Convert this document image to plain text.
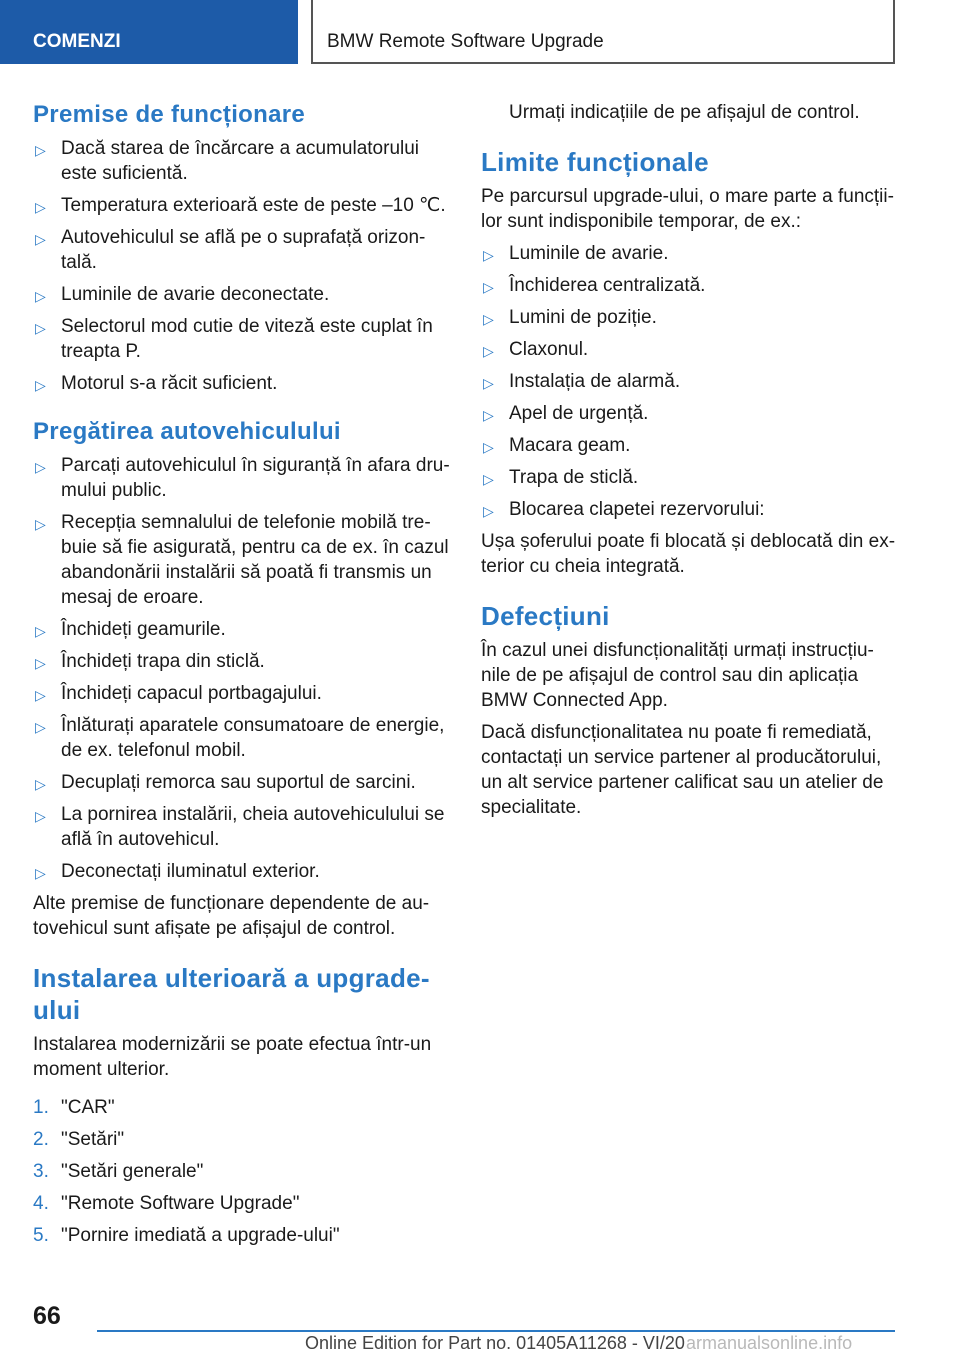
COMENZI	BMW Remote Software Upgrade
Premise de funcționare
▷ Dacă starea de încărcare a acumulatorului este suficientă.
▷ Temperatura exterioară este de peste –10 ℃.
▷ Autovehiculul se află pe o suprafață orizon- tală.
▷ Luminile de avarie deconectate.
▷ Selectorul mod cutie de viteză este cuplat în treapta P.
▷ Motorul s-a răcit suficient.
Pregătirea autovehiculului
▷ Parcați autovehiculul în siguranță în afara dru- mului public.
▷ Recepția semnalului de telefonie mobilă tre- buie să fie asigurată, pentru ca de ex. în cazul abandonării instalării să poată fi transmis un mesaj de eroare.
▷ Închideți geamurile.
▷ Închideți trapa din sticlă.
▷ Închideți capacul portbagajului.
▷ Înlăturați aparatele consumatoare de energie, de ex. telefonul mobil.
▷ Decuplați remorca sau suportul de sarcini.
▷ La pornirea instalării, cheia autovehiculului se află în autovehicul.
▷ Deconectați iluminatul exterior.

Alte premise de funcționare dependente de au- tovehicul sunt afișate pe afișajul de control.

Instalarea ulterioară a upgrade- ului

Instalarea modernizării se poate efectua într-un moment ulterior.

1. "CAR"
2. "Setări"
3. "Setări generale"
4. "Remote Software Upgrade"
5. "Pornire imediată a upgrade-ului"

Urmați indicațiile de pe afișajul de control.

Limite funcționale

Pe parcursul upgrade-ului, o mare parte a funcții- lor sunt indisponibile temporar, de ex.:

▷ Luminile de avarie.
▷ Închiderea centralizată.
▷ Lumini de poziție.
▷ Claxonul.
▷ Instalația de alarmă.
▷ Apel de urgență.
▷ Macara geam.
▷ Trapa de sticlă.
▷ Blocarea clapetei rezervorului:

Ușa șoferului poate fi blocată și deblocată din ex- terior cu cheia integrată.

Defecțiuni

În cazul unei disfuncționalități urmați instrucțiu- nile de pe afișajul de control sau din aplicația BMW Connected App.

Dacă disfuncționalitatea nu poate fi remediată, contactați un service partener al producătorului, un alt service partener calificat sau un atelier de specialitate.

66
Online Edition for Part no. 01405A11268 - VI/20 armanualsonline.info
